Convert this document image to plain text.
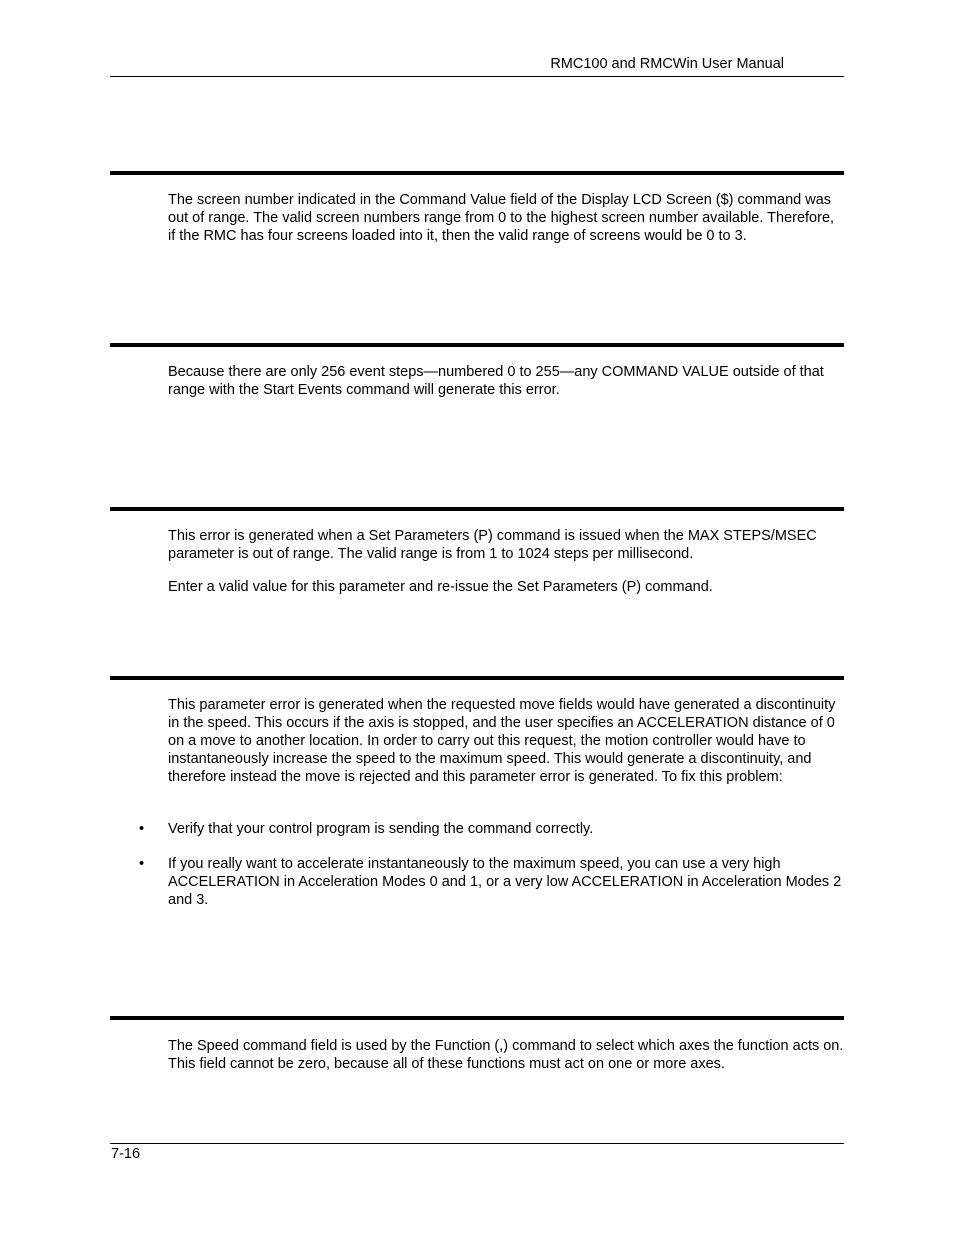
RMC100 and RMCWin User Manual

The screen number indicated in the Command Value field of the Display LCD Screen ($) command was out of range. The valid screen numbers range from 0 to the highest screen number available. Therefore, if the RMC has four screens loaded into it, then the valid range of screens would be 0 to 3.

Because there are only 256 event steps—numbered 0 to 255—any COMMAND VALUE outside of that range with the Start Events command will generate this error.

This error is generated when a Set Parameters (P) command is issued when the MAX STEPS/MSEC parameter is out of range. The valid range is from 1 to 1024 steps per millisecond.

Enter a valid value for this parameter and re-issue the Set Parameters (P) command.

This parameter error is generated when the requested move fields would have generated a discontinuity in the speed. This occurs if the axis is stopped, and the user specifies an ACCELERATION distance of 0 on a move to another location. In order to carry out this request, the motion controller would have to instantaneously increase the speed to the maximum speed. This would generate a discontinuity, and therefore instead the move is rejected and this parameter error is generated. To fix this problem:

• Verify that your control program is sending the command correctly.

• If you really want to accelerate instantaneously to the maximum speed, you can use a very high ACCELERATION in Acceleration Modes 0 and 1, or a very low ACCELERATION in Acceleration Modes 2 and 3.

The Speed command field is used by the Function (,) command to select which axes the function acts on. This field cannot be zero, because all of these functions must act on one or more axes.

7-16
